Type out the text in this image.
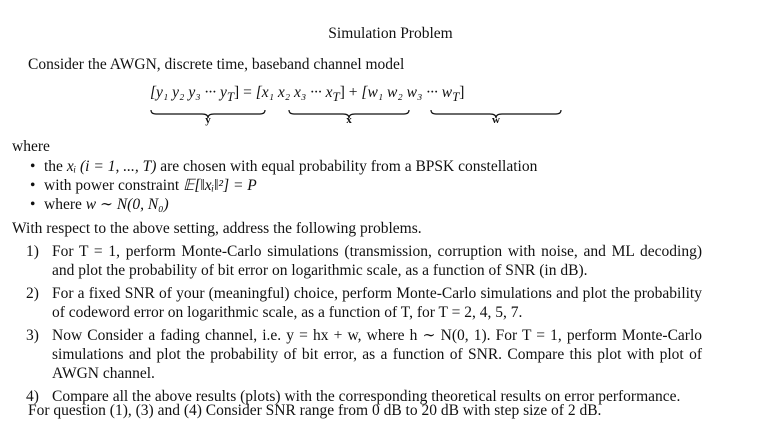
Simulation Problem
Consider the AWGN, discrete time, baseband channel model
[y₁ y₂ y₃ ··· $y_T] = [x_1$ x₂ x₃ ··· $x_T] + [w_1$ w₂ w₃ ··· $w_T$]
y	x	w
where
• the xᵢ (i = 1, ..., T) are chosen with equal probability from a BPSK constellation
• with power constraint 𝔼[‖xᵢ‖²] = P
• where w ∼ N(0, N₀)
With respect to the above setting, address the following problems.
1) For T = 1, perform Monte-Carlo simulations (transmission, corruption with noise, and ML decoding) and plot the probability of bit error on logarithmic scale, as a function of SNR (in dB).
2) For a fixed SNR of your (meaningful) choice, perform Monte-Carlo simulations and plot the probability of codeword error on logarithmic scale, as a function of T, for T = 2, 4, 5, 7.
3) Now Consider a fading channel, i.e. y = hx + w, where h ∼ N(0, 1). For T = 1, perform Monte-Carlo simulations and plot the probability of bit error, as a function of SNR. Compare this plot with plot of AWGN channel.
4) Compare all the above results (plots) with the corresponding theoretical results on error performance.
For question (1), (3) and (4) Consider SNR range from 0 dB to 20 dB with step size of 2 dB.
